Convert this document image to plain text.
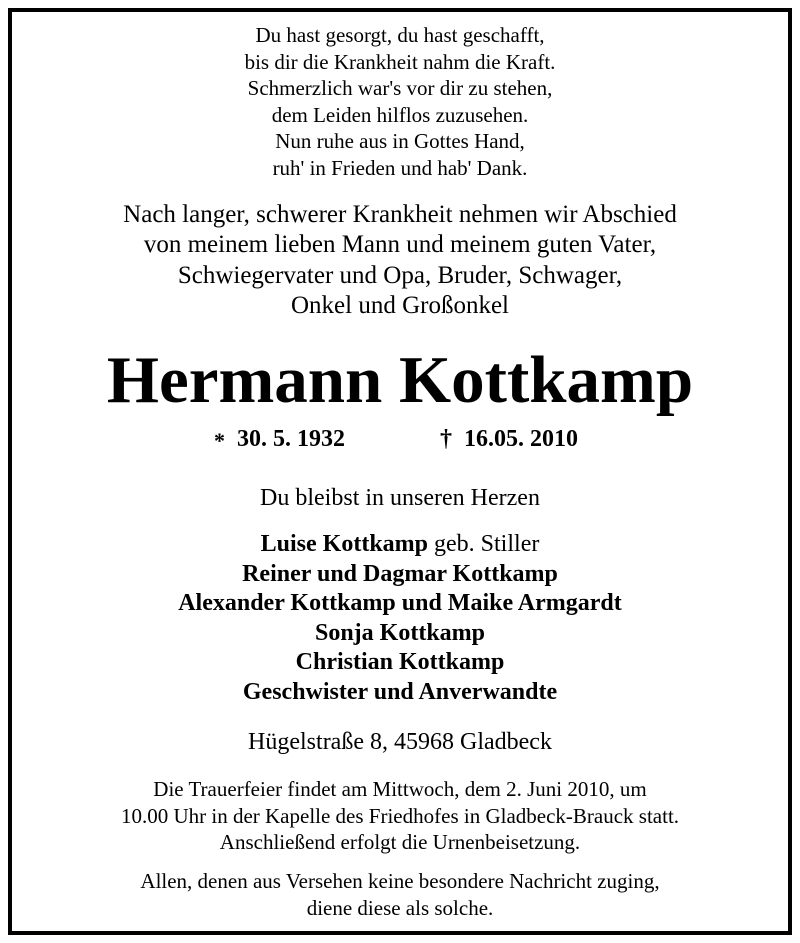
Du hast gesorgt, du hast geschafft,
bis dir die Krankheit nahm die Kraft.
Schmerzlich war's vor dir zu stehen,
dem Leiden hilflos zuzusehen.
Nun ruhe aus in Gottes Hand,
ruh' in Frieden und hab' Dank.
Nach langer, schwerer Krankheit nehmen wir Abschied
von meinem lieben Mann und meinem guten Vater,
Schwiegervater und Opa, Bruder, Schwager,
Onkel und Großonkel
Hermann Kottkamp
* 30. 5. 1932	† 16.05. 2010
Du bleibst in unseren Herzen
Luise Kottkamp geb. Stiller
Reiner und Dagmar Kottkamp
Alexander Kottkamp und Maike Armgardt
Sonja Kottkamp
Christian Kottkamp
Geschwister und Anverwandte
Hügelstraße 8, 45968 Gladbeck
Die Trauerfeier findet am Mittwoch, dem 2. Juni 2010, um
10.00 Uhr in der Kapelle des Friedhofes in Gladbeck-Brauck statt.
Anschließend erfolgt die Urnenbeisetzung.
Allen, denen aus Versehen keine besondere Nachricht zuging,
diene diese als solche.
